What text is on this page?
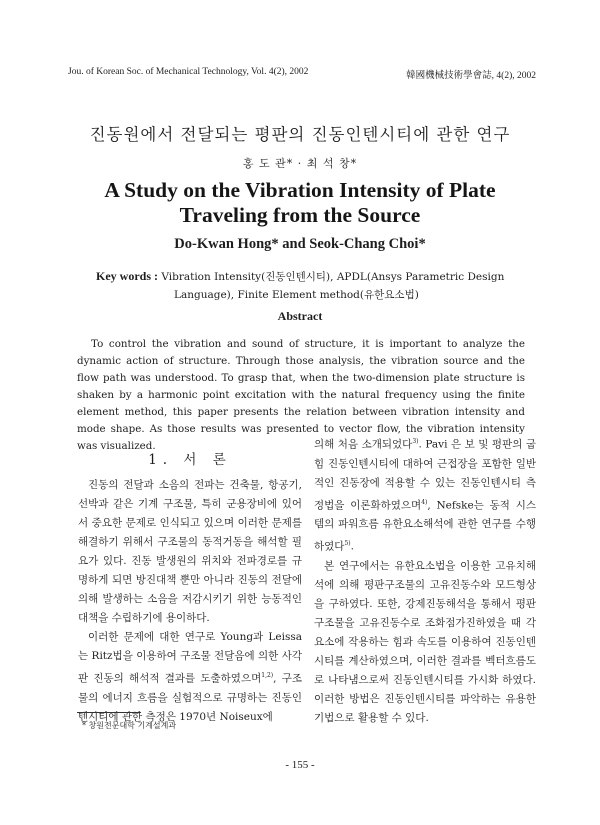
Jou. of Korean Soc. of Mechanical Technology, Vol. 4(2), 2002	韓國機械技術學會誌, 4(2), 2002
진동원에서 전달되는 평판의 진동인텐시티에 관한 연구
홍 도 관* · 최 석 창*
A Study on the Vibration Intensity of Plate Traveling from the Source
Do-Kwan Hong* and Seok-Chang Choi*
Key words : Vibration Intensity(진동인텐시티), APDL(Ansys Parametric Design
Language), Finite Element method(유한요소법)
Abstract
To control the vibration and sound of structure, it is important to analyze the dynamic action of structure. Through those analysis, the vibration source and the flow path was understood. To grasp that, when the two-dimension plate structure is shaken by a harmonic point excitation with the natural frequency using the finite element method, this paper presents the relation between vibration intensity and mode shape. As those results was presented to vector flow, the vibration intensity was visualized.
1. 서 론

진동의 전달과 소음의 전파는 건축물, 항공기, 선박과 같은 기계 구조물, 특히 군용장비에 있어서 중요한 문제로 인식되고 있으며 이러한 문제를 해결하기 위해서 구조물의 동적거동을 해석할 필요가 있다. 진동 발생원의 위치와 전파경로를 규명하게 되면 방진대책 뿐만 아니라 진동의 전달에 의해 발생하는 소음을 저감시키기 위한 능동적인 대책을 수립하기에 용이하다.

이러한 문제에 대한 연구로 Young과 Leissa는 Ritz법을 이용하여 구조물 전달음에 의한 사각판 진동의 해석적 결과를 도출하였으며$^{1,2)}$, 구조물의 에너지 흐름을 실험적으로 규명하는 진동인텐시티에 관한 측정은 1970년 Noiseux에

의해 처음 소개되었다$^{3)}$. Pavi 은 보 및 평판의 굽힘 진동인텐시티에 대하여 근접장을 포함한 일반적인 진동장에 적용할 수 있는 진동인텐시티 측정법을 이론화하였으며$^{4)}$, Nefske는 동적 시스템의 파워흐름 유한요소해석에 관한 연구를 수행하였다$^{5)}$.

본 연구에서는 유한요소법을 이용한 고유치해석에 의해 평판구조물의 고유진동수와 모드형상을 구하였다. 또한, 강제진동해석을 통해서 평판 구조물을 고유진동수로 조화점가진하였을 때 각 요소에 작용하는 힘과 속도를 이용하여 진동인텐시티를 계산하였으며, 이러한 결과를 벡터흐름도로 나타냄으로써 진동인텐시티를 가시화 하였다. 이러한 방법은 진동인텐시티를 파악하는 유용한 기법으로 활용할 수 있다.

* 창원전문대학 기계설계과
- 155 -
